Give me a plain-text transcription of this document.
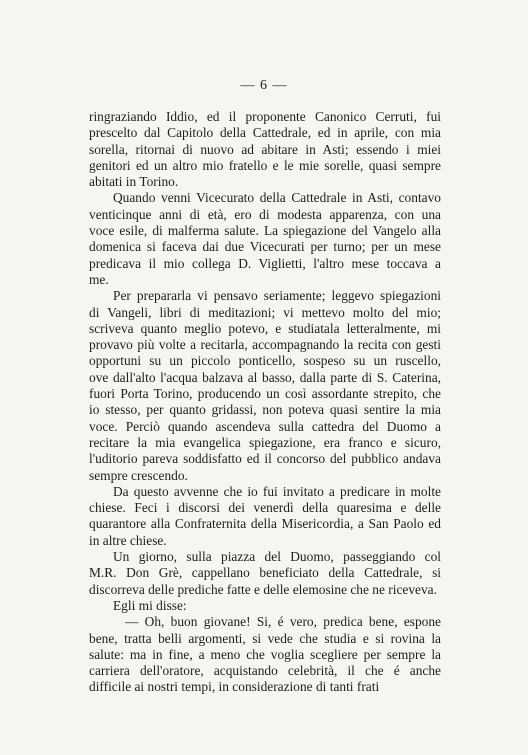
— 6 —
ringraziando Iddio, ed il proponente Canonico Cerruti, fui
prescelto dal Capitolo della Cattedrale, ed in aprile, con mia
sorella, ritornai di nuovo ad abitare in Asti; essendo i miei
genitori ed un altro mio fratello e le mie sorelle, quasi sempre
abitati in Torino.
Quando venni Vicecurato della Cattedrale in Asti, contavo
venticinque anni di età, ero di modesta apparenza, con una
voce esile, di malferma salute. La spiegazione del Vangelo alla
domenica si faceva dai due Vicecurati per turno; per un mese
predicava il mio collega D. Viglietti, l'altro mese toccava a
me.
Per prepararla vi pensavo seriamente; leggevo spiegazioni
di Vangeli, libri di meditazioni; vi mettevo molto del mio;
scriveva quanto meglio potevo, e studiatala letteralmente, mi
provavo più volte a recitarla, accompagnando la recita con gesti
opportuni su un piccolo ponticello, sospeso su un ruscello,
ove dall'alto l'acqua balzava al basso, dalla parte di S. Caterina,
fuori Porta Torino, producendo un così assordante strepito, che
io stesso, per quanto gridassi, non poteva quasi sentire la mia
voce. Perciò quando ascendeva sulla cattedra del Duomo a
recitare la mia evangelica spiegazione, era franco e sicuro,
l'uditorio pareva soddisfatto ed il concorso del pubblico andava
sempre crescendo.
Da questo avvenne che io fui invitato a predicare in molte
chiese. Feci i discorsi dei venerdì della quaresima e delle
quarantore alla Confraternita della Misericordia, a San Paolo ed
in altre chiese.
Un giorno, sulla piazza del Duomo, passeggiando col
M.R. Don Grè, cappellano beneficiato della Cattedrale, si
discorreva delle prediche fatte e delle elemosine che ne riceveva.
Egli mi disse:
— Oh, buon giovane! Si, é vero, predica bene, espone
bene, tratta belli argomenti, si vede che studia e si rovina la
salute: ma in fine, a meno che voglia scegliere per sempre la
carriera dell'oratore, acquistando celebrità, il che é anche
difficile ai nostri tempi, in considerazione di tanti frati
